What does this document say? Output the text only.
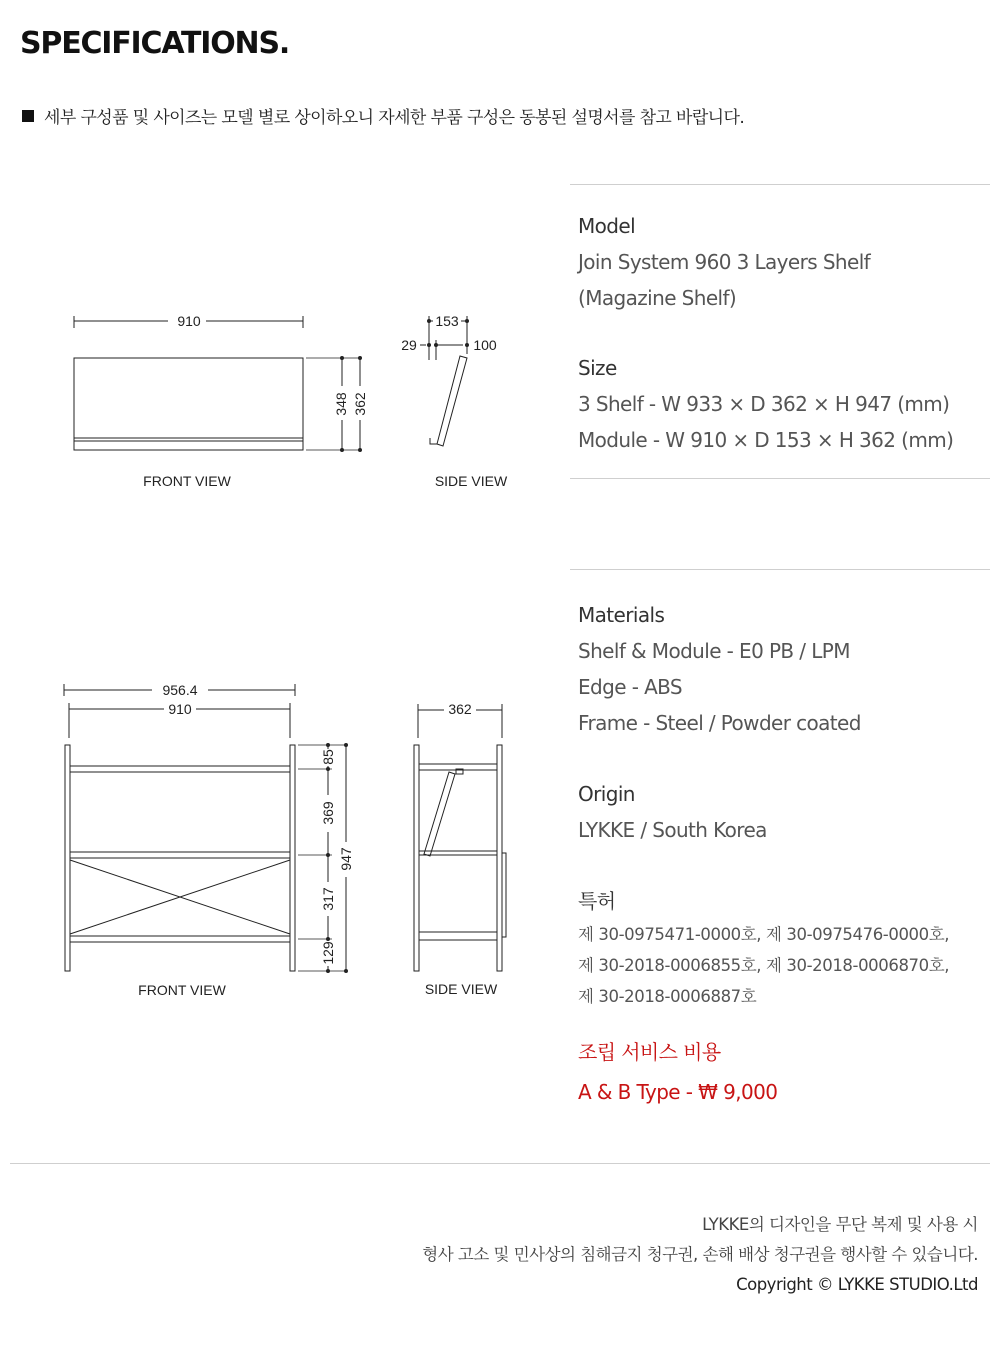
SPECIFICATIONS.
세부 구성품 및 사이즈는 모델 별로 상이하오니 자세한 부품 구성은 동봉된 설명서를 참고 바랍니다.
910
348 362
FRONT VIEW
153
29	100
SIDE VIEW
956.4
910
85
369
317
129
947
FRONT VIEW
362
SIDE VIEW
Model
Join System 960 3 Layers Shelf
(Magazine Shelf)
Size
3 Shelf - W 933 × D 362 × H 947 (mm)
Module - W 910 × D 153 × H 362 (mm)
Materials
Shelf & Module - E0 PB / LPM
Edge - ABS
Frame - Steel / Powder coated
Origin
LYKKE / South Korea
특허
제 30-0975471-0000호, 제 30-0975476-0000호,
제 30-2018-0006855호, 제 30-2018-0006870호,
제 30-2018-0006887호
조립 서비스 비용
A & B Type - ₩ 9,000
LYKKE의 디자인을 무단 복제 및 사용 시
형사 고소 및 민사상의 침해금지 청구권, 손해 배상 청구권을 행사할 수 있습니다.
Copyright © LYKKE STUDIO.Ltd
